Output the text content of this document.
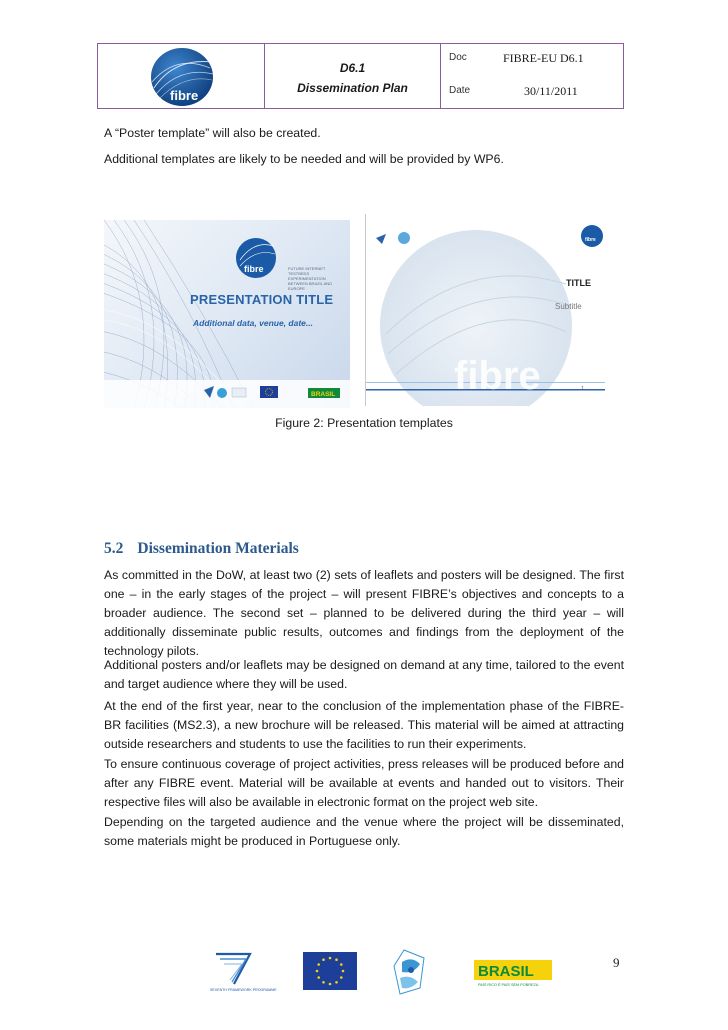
fibre
D6.1
Dissemination Plan
Doc	FIBRE-EU D6.1
Date	30/11/2011
A “Poster template” will also be created.
Additional templates are likely to be needed and will be provided by WP6.
fibre
BRASIL
FUTURE INTERNET TESTBEDS EXPERIMENTATION BETWEEN BRAZIL AND EUROPE
PRESENTATION TITLE
Additional data, venue, date...
fibre
fibre
TITLE
Subtitle
1
Figure 2: Presentation templates
5.2 Dissemination Materials
As committed in the DoW, at least two (2) sets of leaflets and posters will be designed. The first one – in the early stages of the project – will present FIBRE’s objectives and concepts to a broader audience. The second set – planned to be delivered during the third year – will additionally disseminate public results, outcomes and findings from the deployment of the technology pilots.
Additional posters and/or leaflets may be designed on demand at any time, tailored to the event and target audience where they will be used.
At the end of the first year, near to the conclusion of the implementation phase of the FIBRE-BR facilities (MS2.3), a new brochure will be released. This material will be aimed at attracting outside researchers and students to use the facilities to run their experiments.
To ensure continuous coverage of project activities, press releases will be produced before and after any FIBRE event. Material will be available at events and handed out to visitors. Their respective files will also be available in electronic format on the project web site.
Depending on the targeted audience and the venue where the project will be disseminated, some materials might be produced in Portuguese only.
SEVENTH FRAMEWORK PROGRAMME
BRASIL
PAÍS RICO É PAÍS SEM POBREZA
9
